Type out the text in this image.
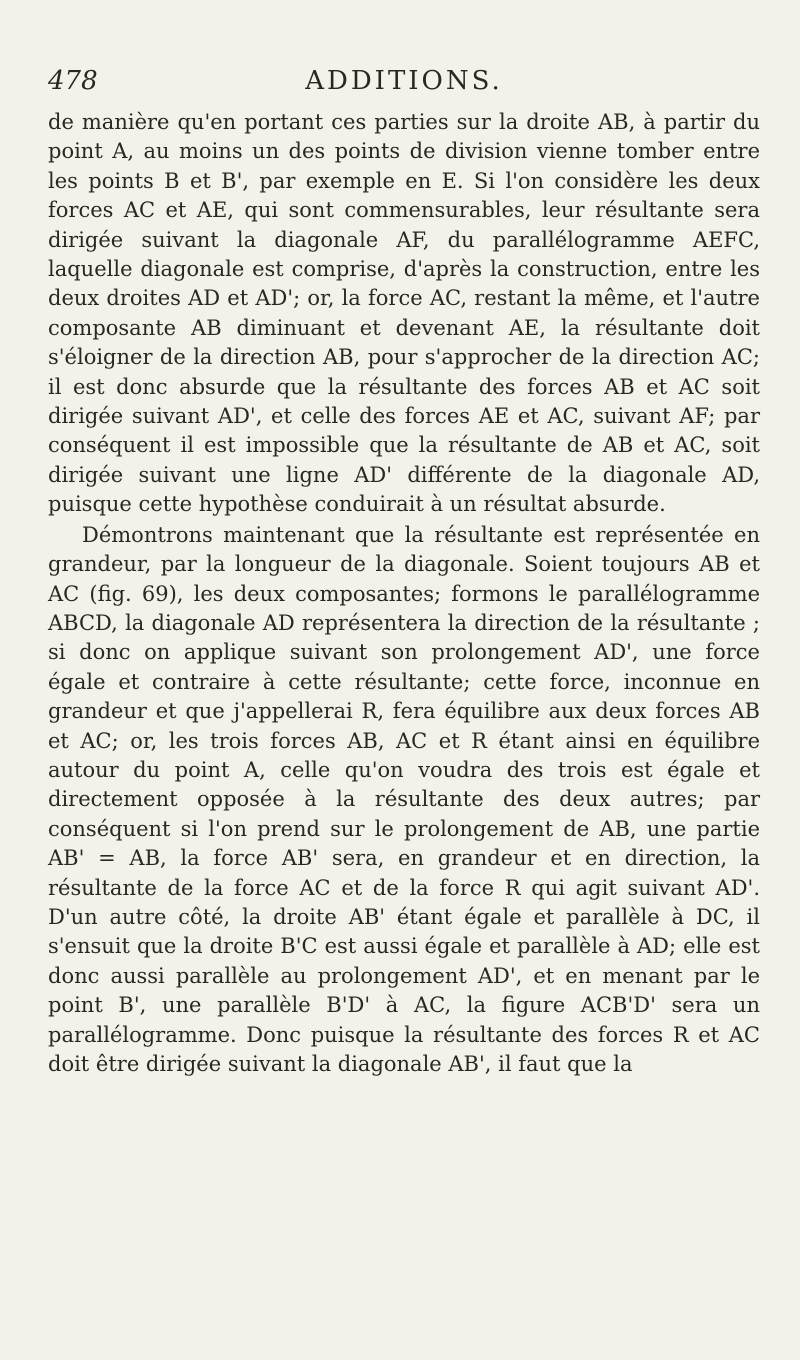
478	ADDITIONS.

de manière qu'en portant ces parties sur la droite AB, à partir du point A, au moins un des points de division vienne tomber entre les points B et B', par exemple en E. Si l'on considère les deux forces AC et AE, qui sont commensurables, leur résultante sera dirigée suivant la diagonale AF, du parallélogramme AEFC, laquelle diagonale est comprise, d'après la construction, entre les deux droites AD et AD'; or, la force AC, restant la même, et l'autre composante AB diminuant et devenant AE, la résultante doit s'éloigner de la direction AB, pour s'approcher de la direction AC; il est donc absurde que la résultante des forces AB et AC soit dirigée suivant AD', et celle des forces AE et AC, suivant AF; par conséquent il est impossible que la résultante de AB et AC, soit dirigée suivant une ligne AD' différente de la diagonale AD, puisque cette hypothèse conduirait à un résultat absurde.

Démontrons maintenant que la résultante est représentée en grandeur, par la longueur de la diagonale. Soient toujours AB et AC (fig. 69), les deux composantes; formons le parallélogramme ABCD, la diagonale AD représentera la direction de la résultante ; si donc on applique suivant son prolongement AD', une force égale et contraire à cette résultante; cette force, inconnue en grandeur et que j'appellerai R, fera équilibre aux deux forces AB et AC; or, les trois forces AB, AC et R étant ainsi en équilibre autour du point A, celle qu'on voudra des trois est égale et directement opposée à la résultante des deux autres; par conséquent si l'on prend sur le prolongement de AB, une partie AB' = AB, la force AB' sera, en grandeur et en direction, la résultante de la force AC et de la force R qui agit suivant AD'. D'un autre côté, la droite AB' étant égale et parallèle à DC, il s'ensuit que la droite B'C est aussi égale et parallèle à AD; elle est donc aussi parallèle au prolongement AD', et en menant par le point B', une parallèle B'D' à AC, la figure ACB'D' sera un parallélogramme. Donc puisque la résultante des forces R et AC doit être dirigée suivant la diagonale AB', il faut que la
